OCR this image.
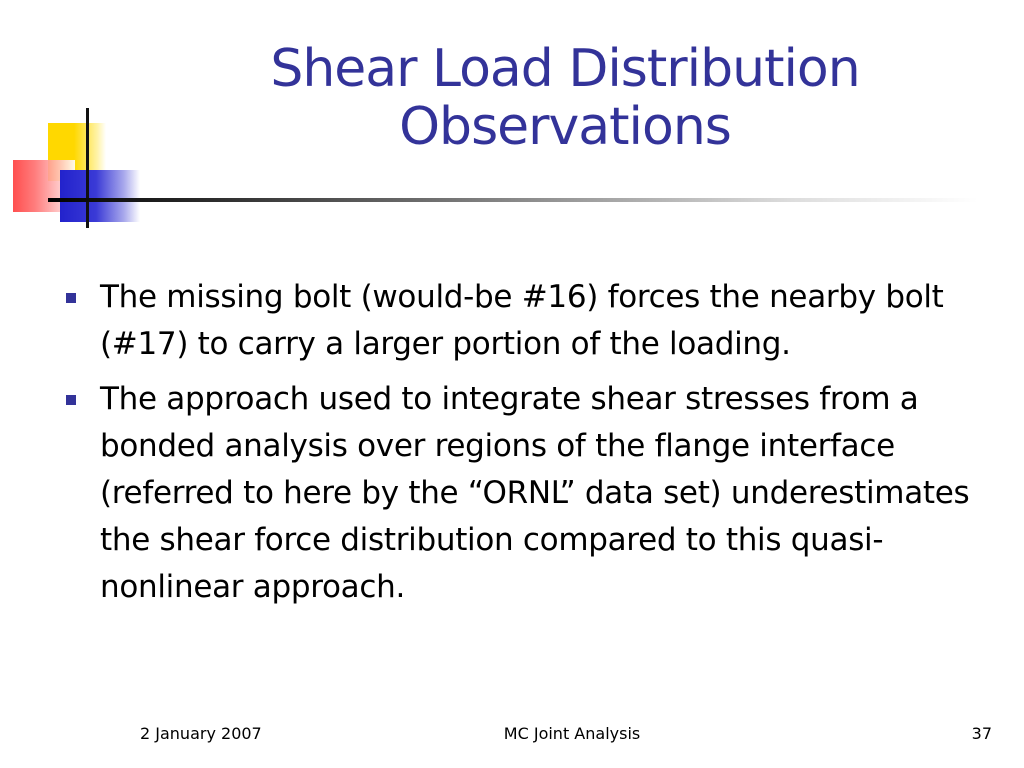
Shear Load Distribution
Observations
The missing bolt (would-be #16) forces the nearby bolt (#17) to carry a larger portion of the loading.
The approach used to integrate shear stresses from a bonded analysis over regions of the flange interface (referred to here by the “ORNL” data set) underestimates the shear force distribution compared to this quasi-nonlinear approach.
2 January 2007	MC Joint Analysis	37
